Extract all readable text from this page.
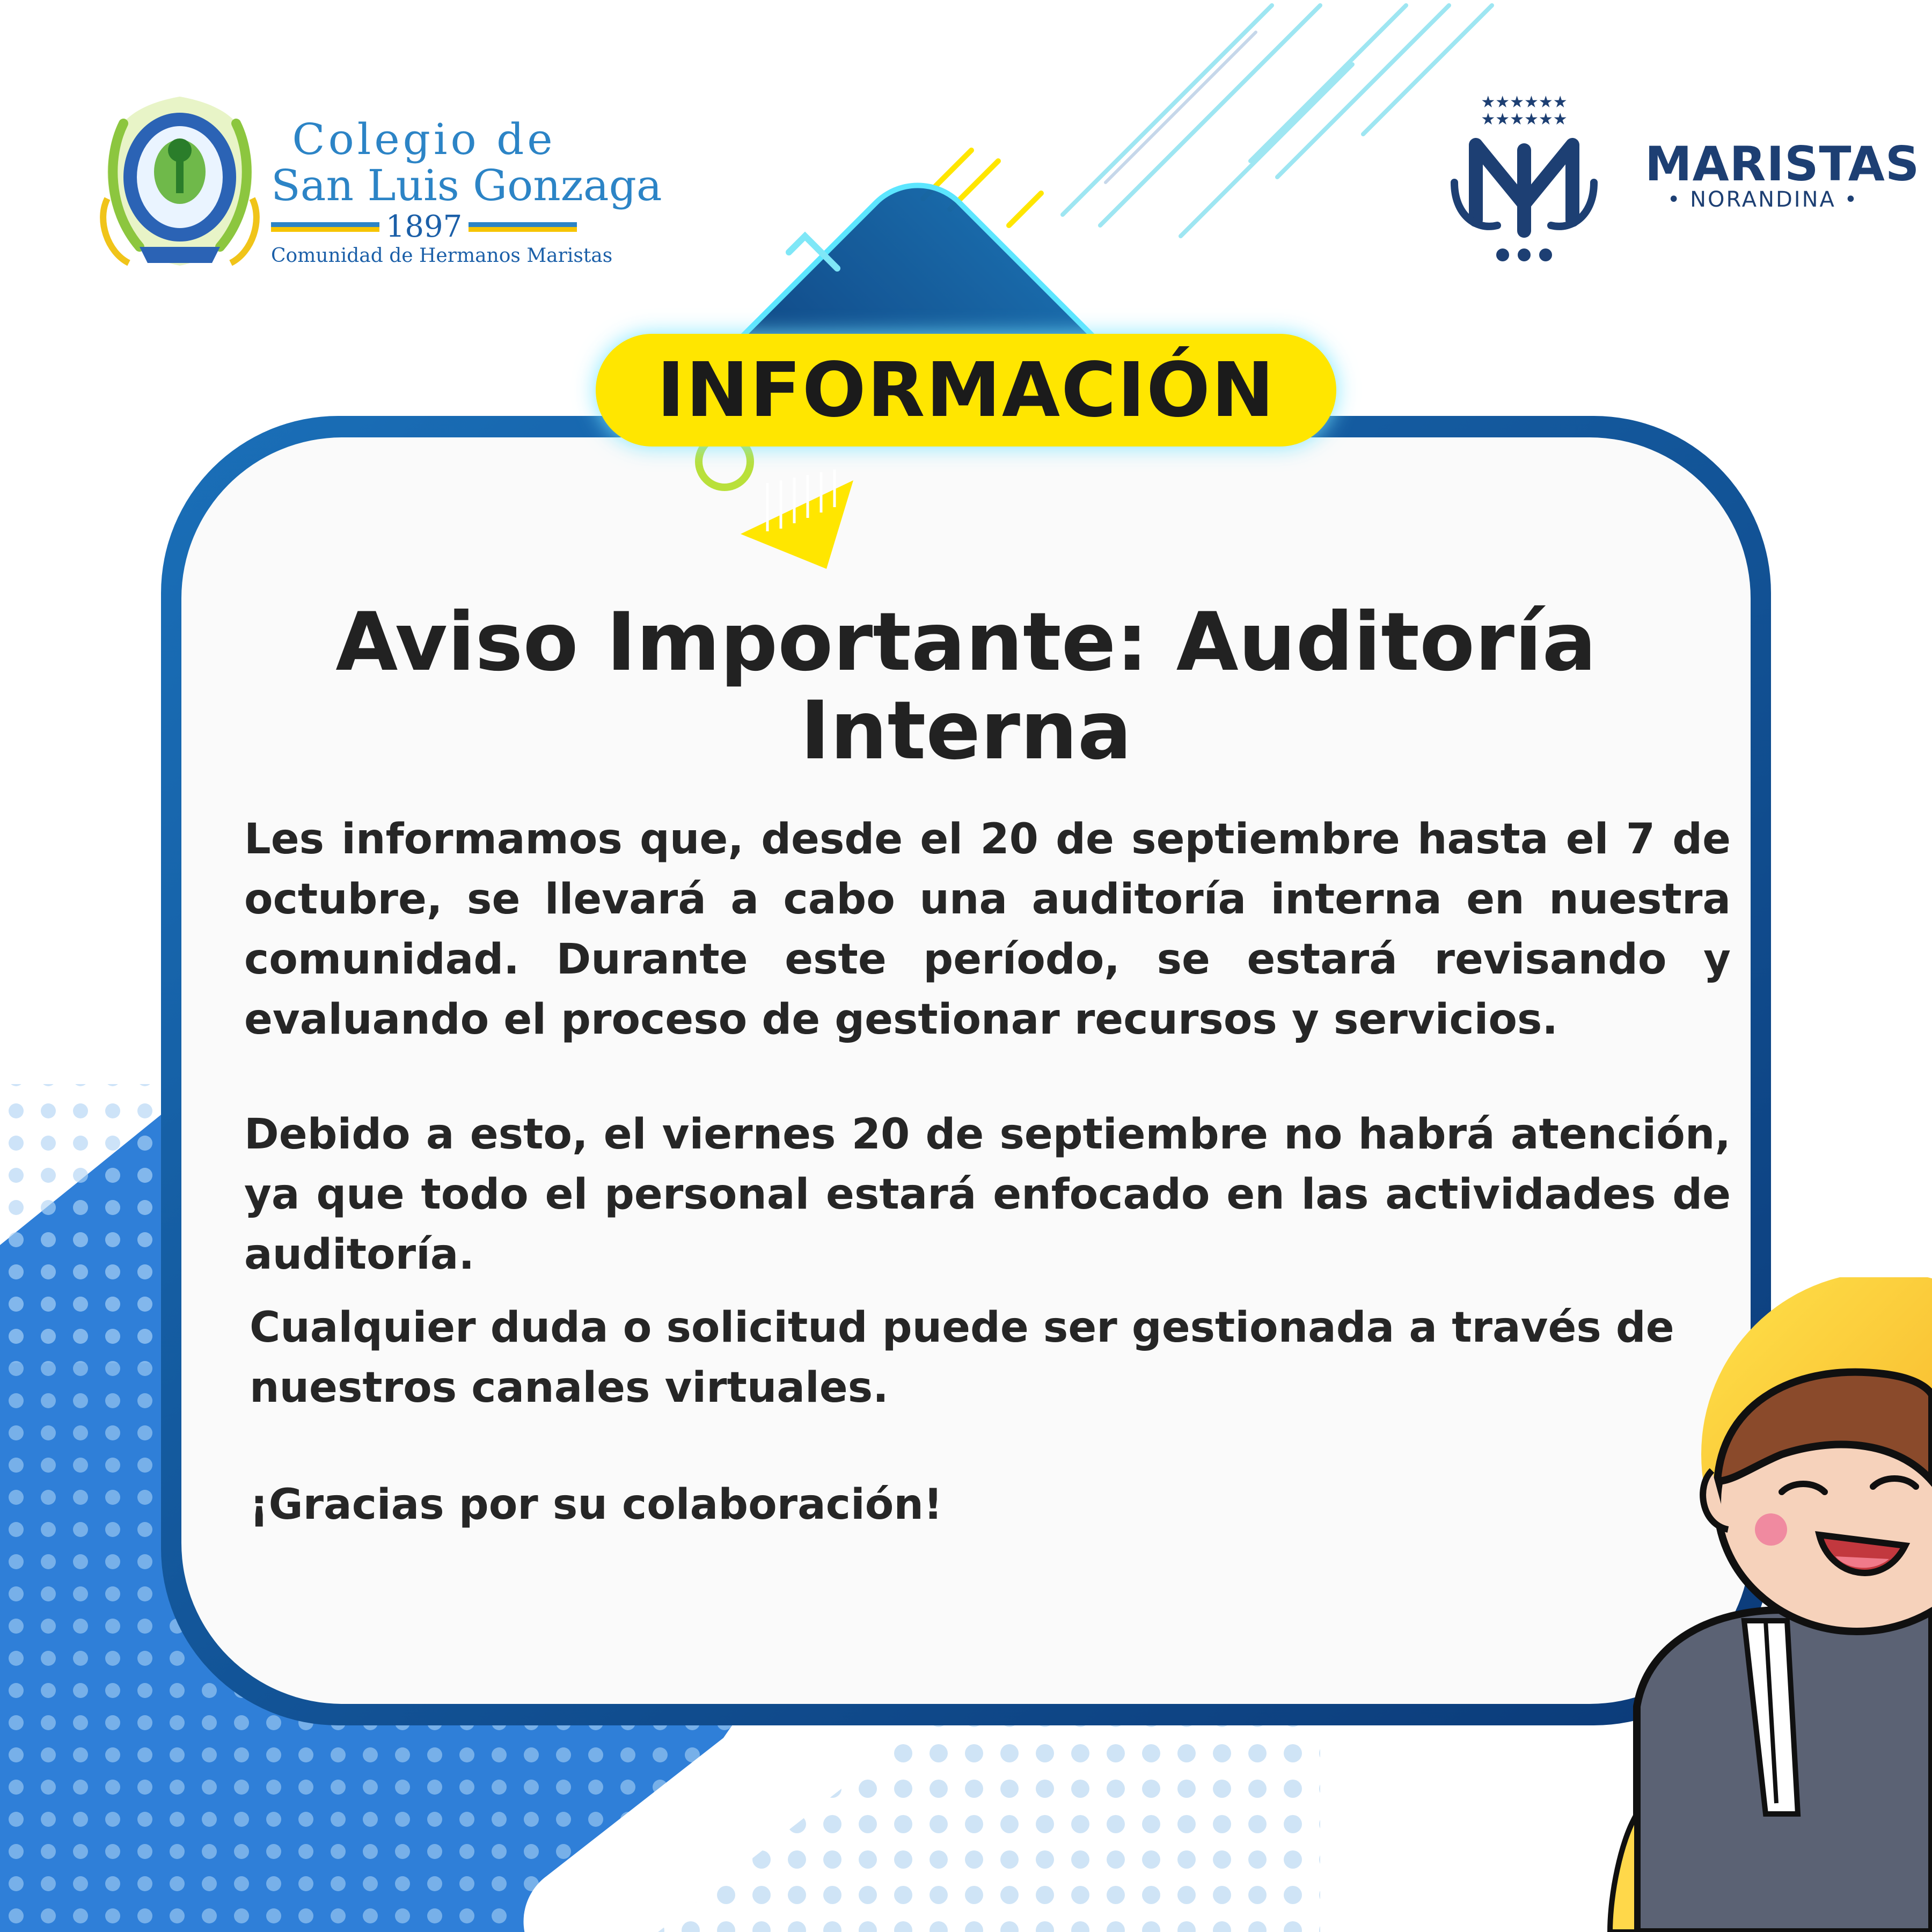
Colegio de
San Luis Gonzaga
1897
Comunidad de Hermanos Maristas
★★★★★★
★★★★★★
MARISTAS
• NORANDINA •
INFORMACIÓN
Aviso Importante: Auditoría Interna
Les informamos que, desde el 20 de septiembre hasta el 7 de octubre, se llevará a cabo una auditoría interna en nuestra comunidad. Durante este período, se estará revisando y evaluando el proceso de gestionar recursos y servicios.
Debido a esto, el viernes 20 de septiembre no habrá atención, ya que todo el personal estará enfocado en las actividades de auditoría.
Cualquier duda o solicitud puede ser gestionada a través de nuestros canales virtuales.
¡Gracias por su colaboración!
